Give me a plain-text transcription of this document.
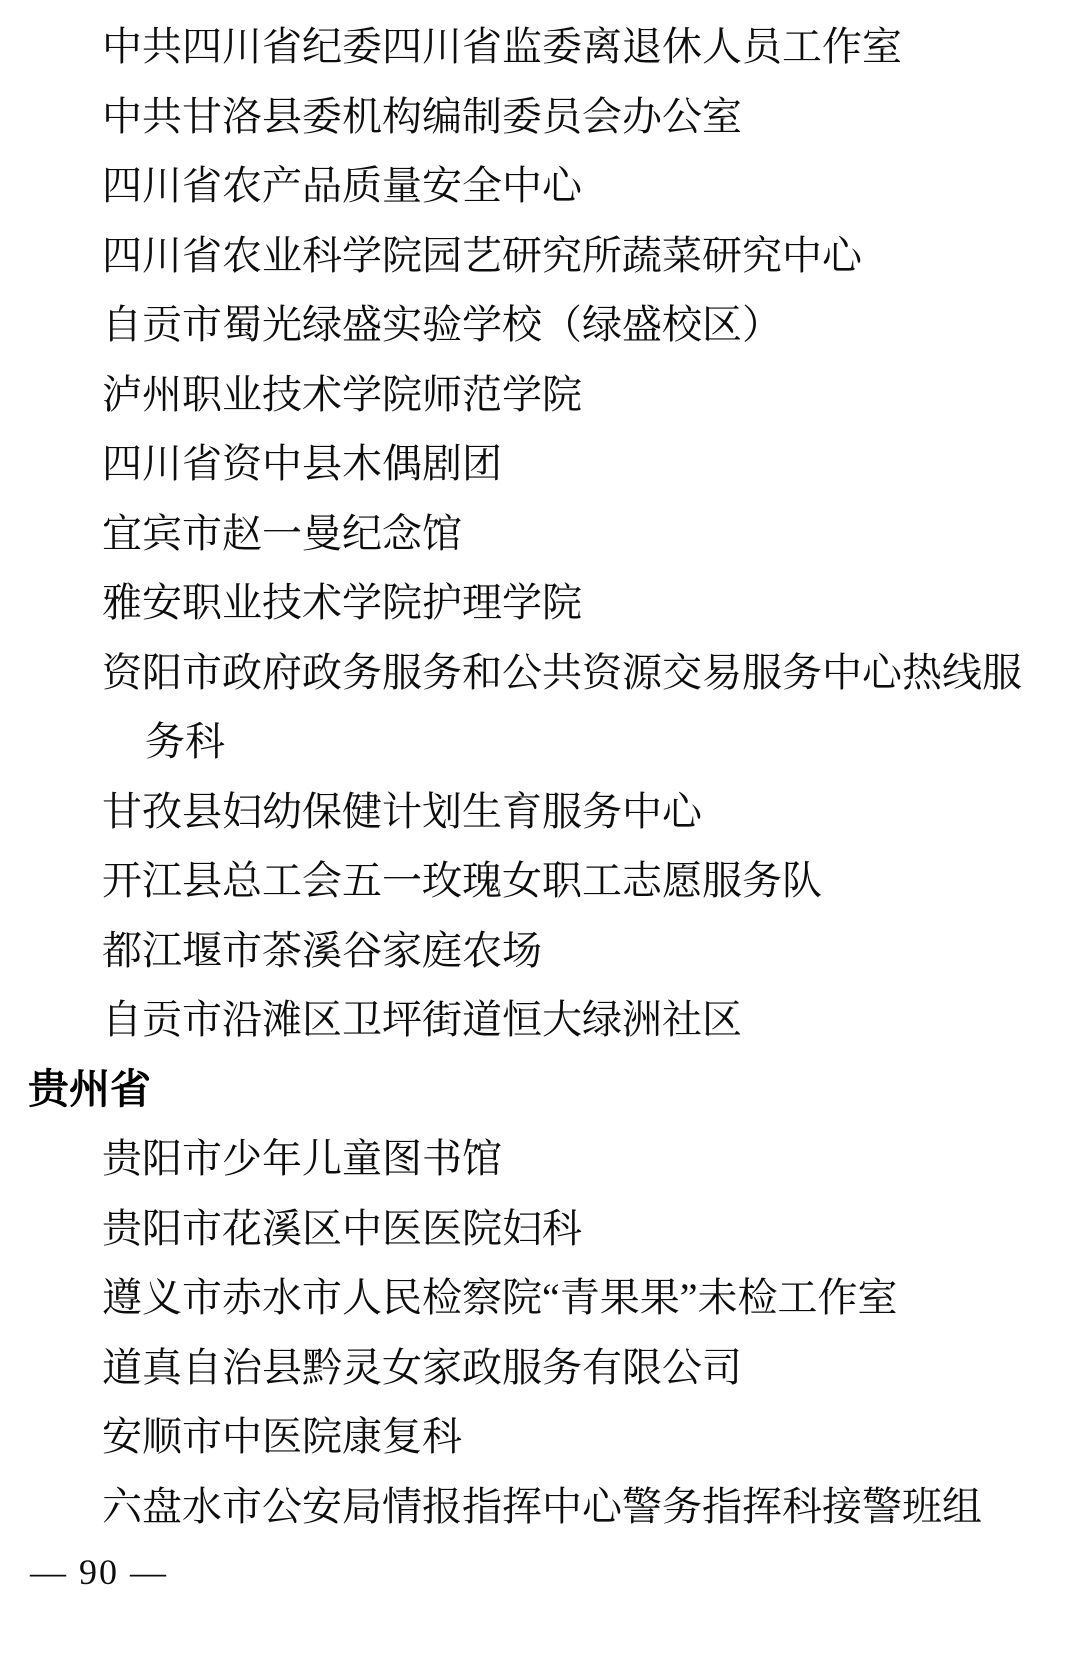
中共四川省纪委四川省监委离退休人员工作室
中共甘洛县委机构编制委员会办公室
四川省农产品质量安全中心
四川省农业科学院园艺研究所蔬菜研究中心
自贡市蜀光绿盛实验学校（绿盛校区）
泸州职业技术学院师范学院
四川省资中县木偶剧团
宜宾市赵一曼纪念馆
雅安职业技术学院护理学院
资阳市政府政务服务和公共资源交易服务中心热线服
务科
甘孜县妇幼保健计划生育服务中心
开江县总工会五一玫瑰女职工志愿服务队
都江堰市茶溪谷家庭农场
自贡市沿滩区卫坪街道恒大绿洲社区
贵州省
贵阳市少年儿童图书馆
贵阳市花溪区中医医院妇科
遵义市赤水市人民检察院“青果果”未检工作室
道真自治县黔灵女家政服务有限公司
安顺市中医院康复科
六盘水市公安局情报指挥中心警务指挥科接警班组
— 90 —
